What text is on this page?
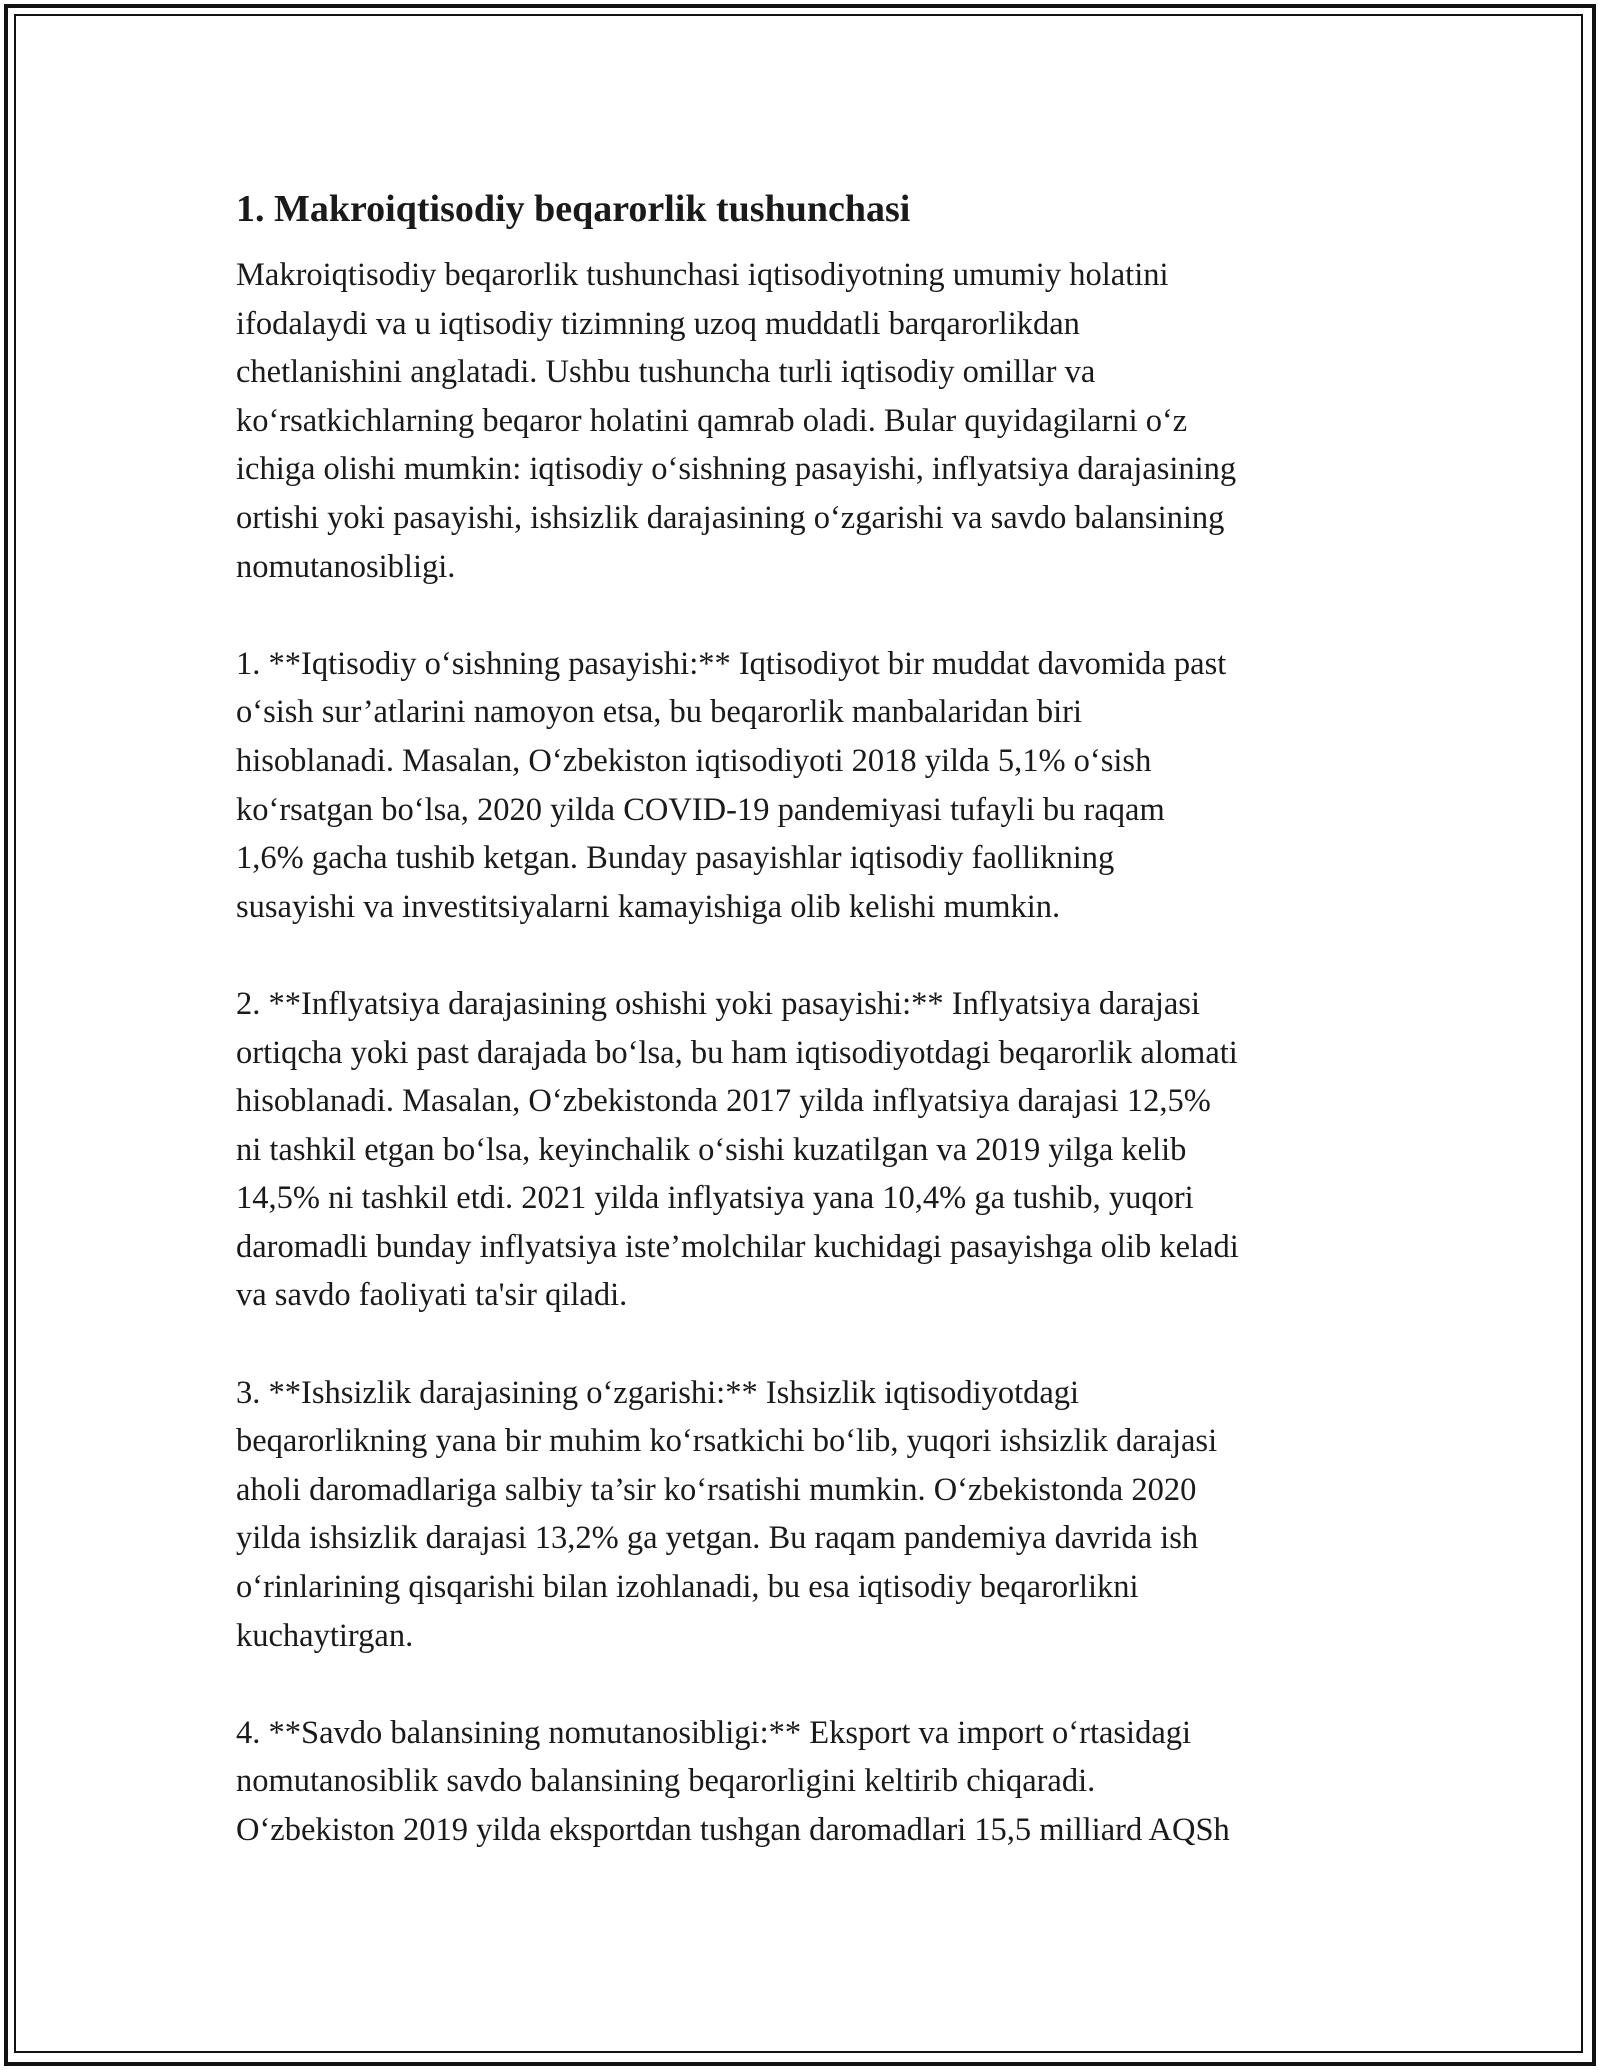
1. Makroiqtisodiy beqarorlik tushunchasi

Makroiqtisodiy beqarorlik tushunchasi iqtisodiyotning umumiy holatini
ifodalaydi va u iqtisodiy tizimning uzoq muddatli barqarorlikdan
chetlanishini anglatadi. Ushbu tushuncha turli iqtisodiy omillar va
ko‘rsatkichlarning beqaror holatini qamrab oladi. Bular quyidagilarni o‘z
ichiga olishi mumkin: iqtisodiy o‘sishning pasayishi, inflyatsiya darajasining
ortishi yoki pasayishi, ishsizlik darajasining o‘zgarishi va savdo balansining
nomutanosibligi.

1. **Iqtisodiy o‘sishning pasayishi:** Iqtisodiyot bir muddat davomida past
o‘sish sur’atlarini namoyon etsa, bu beqarorlik manbalaridan biri
hisoblanadi. Masalan, O‘zbekiston iqtisodiyoti 2018 yilda 5,1% o‘sish
ko‘rsatgan bo‘lsa, 2020 yilda COVID-19 pandemiyasi tufayli bu raqam
1,6% gacha tushib ketgan. Bunday pasayishlar iqtisodiy faollikning
susayishi va investitsiyalarni kamayishiga olib kelishi mumkin.

2. **Inflyatsiya darajasining oshishi yoki pasayishi:** Inflyatsiya darajasi
ortiqcha yoki past darajada bo‘lsa, bu ham iqtisodiyotdagi beqarorlik alomati
hisoblanadi. Masalan, O‘zbekistonda 2017 yilda inflyatsiya darajasi 12,5%
ni tashkil etgan bo‘lsa, keyinchalik o‘sishi kuzatilgan va 2019 yilga kelib
14,5% ni tashkil etdi. 2021 yilda inflyatsiya yana 10,4% ga tushib, yuqori
daromadli bunday inflyatsiya iste’molchilar kuchidagi pasayishga olib keladi
va savdo faoliyati ta'sir qiladi.

3. **Ishsizlik darajasining o‘zgarishi:** Ishsizlik iqtisodiyotdagi
beqarorlikning yana bir muhim ko‘rsatkichi bo‘lib, yuqori ishsizlik darajasi
aholi daromadlariga salbiy ta’sir ko‘rsatishi mumkin. O‘zbekistonda 2020
yilda ishsizlik darajasi 13,2% ga yetgan. Bu raqam pandemiya davrida ish
o‘rinlarining qisqarishi bilan izohlanadi, bu esa iqtisodiy beqarorlikni
kuchaytirgan.

4. **Savdo balansining nomutanosibligi:** Eksport va import o‘rtasidagi
nomutanosiblik savdo balansining beqarorligini keltirib chiqaradi.
O‘zbekiston 2019 yilda eksportdan tushgan daromadlari 15,5 milliard AQSh
